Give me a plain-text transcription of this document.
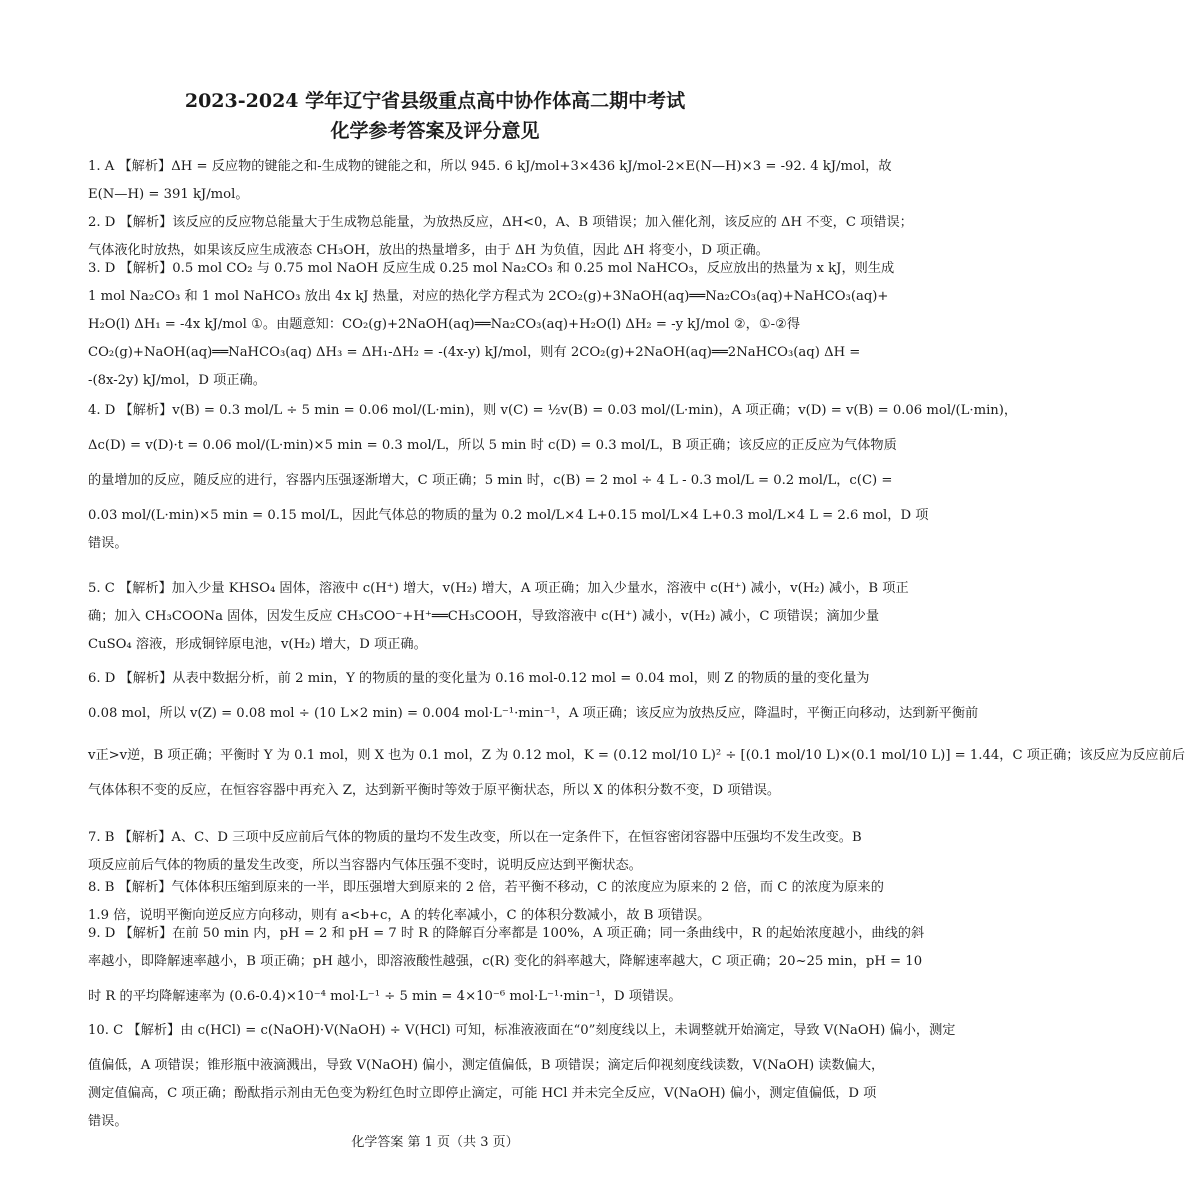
2023-2024 学年辽宁省县级重点高中协作体高二期中考试
化学参考答案及评分意见
1. A 【解析】ΔH = 反应物的键能之和-生成物的键能之和，所以 945. 6 kJ/mol+3×436 kJ/mol-2×E(N—H)×3 = -92. 4 kJ/mol，故
E(N—H) = 391 kJ/mol。
2. D 【解析】该反应的反应物总能量大于生成物总能量，为放热反应，ΔH<0，A、B 项错误；加入催化剂，该反应的 ΔH 不变，C 项错误；
气体液化时放热，如果该反应生成液态 CH₃OH，放出的热量增多，由于 ΔH 为负值，因此 ΔH 将变小，D 项正确。
3. D 【解析】0.5 mol CO₂ 与 0.75 mol NaOH 反应生成 0.25 mol Na₂CO₃ 和 0.25 mol NaHCO₃，反应放出的热量为 x kJ，则生成
1 mol Na₂CO₃ 和 1 mol NaHCO₃ 放出 4x kJ 热量，对应的热化学方程式为 2CO₂(g)+3NaOH(aq)══Na₂CO₃(aq)+NaHCO₃(aq)+
H₂O(l) ΔH₁ = -4x kJ/mol ①。由题意知：CO₂(g)+2NaOH(aq)══Na₂CO₃(aq)+H₂O(l) ΔH₂ = -y kJ/mol ②，①-②得
CO₂(g)+NaOH(aq)══NaHCO₃(aq) ΔH₃ = ΔH₁-ΔH₂ = -(4x-y) kJ/mol，则有 2CO₂(g)+2NaOH(aq)══2NaHCO₃(aq) ΔH =
-(8x-2y) kJ/mol，D 项正确。
4. D 【解析】v(B) = 0.3 mol/L ÷ 5 min = 0.06 mol/(L·min)，则 v(C) = ½v(B) = 0.03 mol/(L·min)，A 项正确；v(D) = v(B) = 0.06 mol/(L·min)，
Δc(D) = v(D)·t = 0.06 mol/(L·min)×5 min = 0.3 mol/L，所以 5 min 时 c(D) = 0.3 mol/L，B 项正确；该反应的正反应为气体物质
的量增加的反应，随反应的进行，容器内压强逐渐增大，C 项正确；5 min 时，c(B) = 2 mol ÷ 4 L - 0.3 mol/L = 0.2 mol/L，c(C) =
0.03 mol/(L·min)×5 min = 0.15 mol/L，因此气体总的物质的量为 0.2 mol/L×4 L+0.15 mol/L×4 L+0.3 mol/L×4 L = 2.6 mol，D 项
错误。
5. C 【解析】加入少量 KHSO₄ 固体，溶液中 c(H⁺) 增大，v(H₂) 增大，A 项正确；加入少量水，溶液中 c(H⁺) 减小，v(H₂) 减小，B 项正
确；加入 CH₃COONa 固体，因发生反应 CH₃COO⁻+H⁺══CH₃COOH，导致溶液中 c(H⁺) 减小，v(H₂) 减小，C 项错误；滴加少量
CuSO₄ 溶液，形成铜锌原电池，v(H₂) 增大，D 项正确。
6. D 【解析】从表中数据分析，前 2 min，Y 的物质的量的变化量为 0.16 mol-0.12 mol = 0.04 mol，则 Z 的物质的量的变化量为
0.08 mol，所以 v(Z) = 0.08 mol ÷ (10 L×2 min) = 0.004 mol·L⁻¹·min⁻¹，A 项正确；该反应为放热反应，降温时，平衡正向移动，达到新平衡前
v正>v逆，B 项正确；平衡时 Y 为 0.1 mol，则 X 也为 0.1 mol，Z 为 0.12 mol，K = (0.12 mol/10 L)² ÷ [(0.1 mol/10 L)×(0.1 mol/10 L)] = 1.44，C 项正确；该反应为反应前后
气体体积不变的反应，在恒容容器中再充入 Z，达到新平衡时等效于原平衡状态，所以 X 的体积分数不变，D 项错误。
7. B 【解析】A、C、D 三项中反应前后气体的物质的量均不发生改变，所以在一定条件下，在恒容密闭容器中压强均不发生改变。B
项反应前后气体的物质的量发生改变，所以当容器内气体压强不变时，说明反应达到平衡状态。
8. B 【解析】气体体积压缩到原来的一半，即压强增大到原来的 2 倍，若平衡不移动，C 的浓度应为原来的 2 倍，而 C 的浓度为原来的
1.9 倍，说明平衡向逆反应方向移动，则有 a<b+c，A 的转化率减小，C 的体积分数减小，故 B 项错误。
9. D 【解析】在前 50 min 内，pH = 2 和 pH = 7 时 R 的降解百分率都是 100%，A 项正确；同一条曲线中，R 的起始浓度越小，曲线的斜
率越小，即降解速率越小，B 项正确；pH 越小，即溶液酸性越强，c(R) 变化的斜率越大，降解速率越大，C 项正确；20~25 min，pH = 10
时 R 的平均降解速率为 (0.6-0.4)×10⁻⁴ mol·L⁻¹ ÷ 5 min = 4×10⁻⁶ mol·L⁻¹·min⁻¹，D 项错误。
10. C 【解析】由 c(HCl) = c(NaOH)·V(NaOH) ÷ V(HCl) 可知，标准液液面在“0”刻度线以上，未调整就开始滴定，导致 V(NaOH) 偏小，测定
值偏低，A 项错误；锥形瓶中液滴溅出，导致 V(NaOH) 偏小，测定值偏低，B 项错误；滴定后仰视刻度线读数，V(NaOH) 读数偏大，
测定值偏高，C 项正确；酚酞指示剂由无色变为粉红色时立即停止滴定，可能 HCl 并未完全反应，V(NaOH) 偏小，测定值偏低，D 项
错误。
化学答案 第 1 页（共 3 页）
